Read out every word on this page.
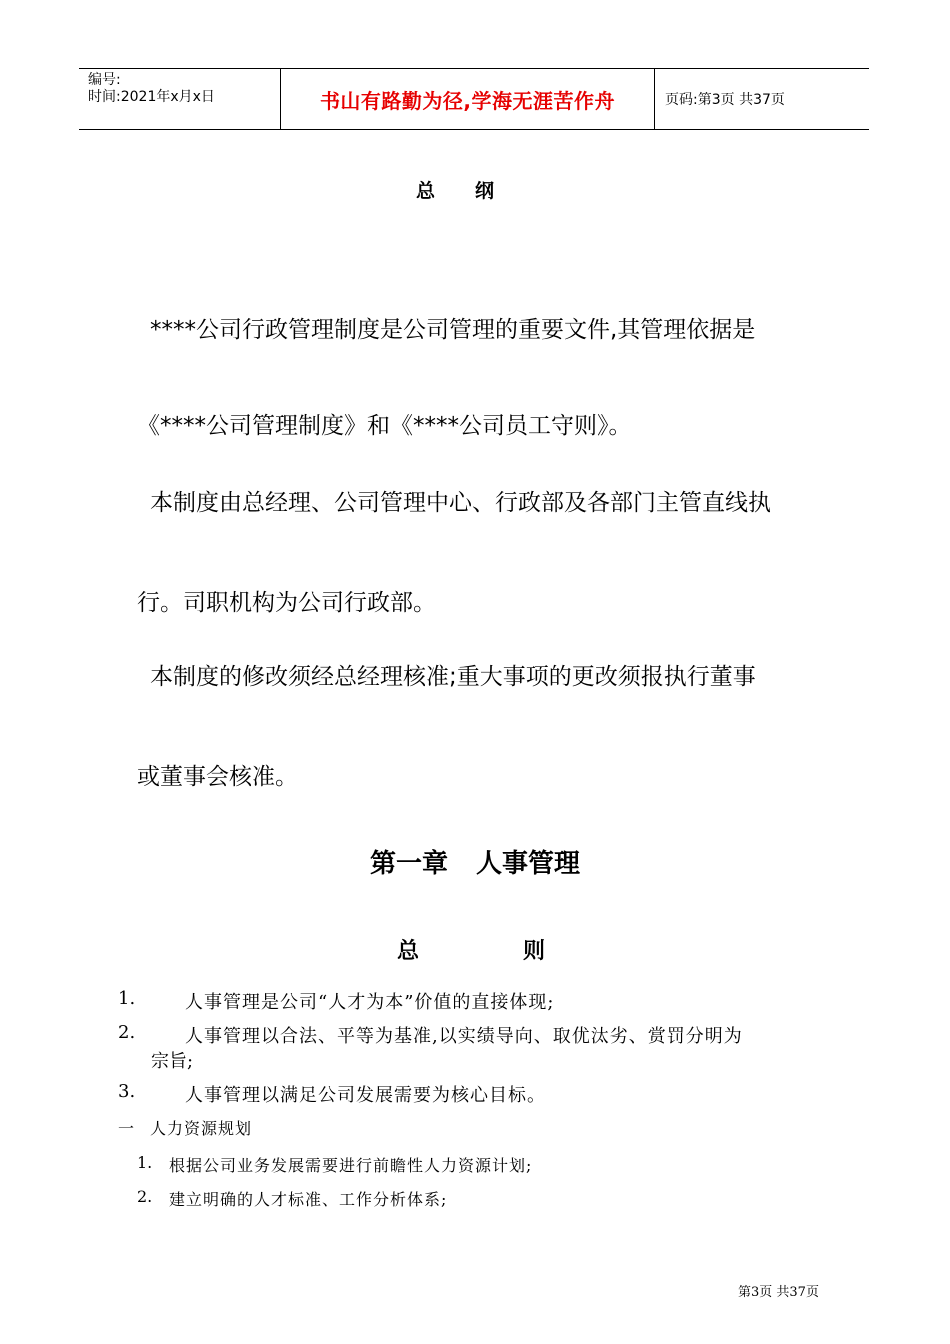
编号:
时间:2021年x月x日	书山有路勤为径,学海无涯苦作舟	页码:第3页 共37页
总纲
****公司行政管理制度是公司管理的重要文件,其管理依据是
《****公司管理制度》和《****公司员工守则》。
本制度由总经理、公司管理中心、行政部及各部门主管直线执
行。司职机构为公司行政部。
本制度的修改须经总经理核准;重大事项的更改须报执行董事
或董事会核准。
第一章 人事管理
总	则
1.	人事管理是公司“人才为本”价值的直接体现;
2.	人事管理以合法、平等为基准,以实绩导向、取优汰劣、赏罚分明为
宗旨;
3.	人事管理以满足公司发展需要为核心目标。
一 人力资源规划
1. 根据公司业务发展需要进行前瞻性人力资源计划;
2. 建立明确的人才标准、工作分析体系;
第3页 共37页
